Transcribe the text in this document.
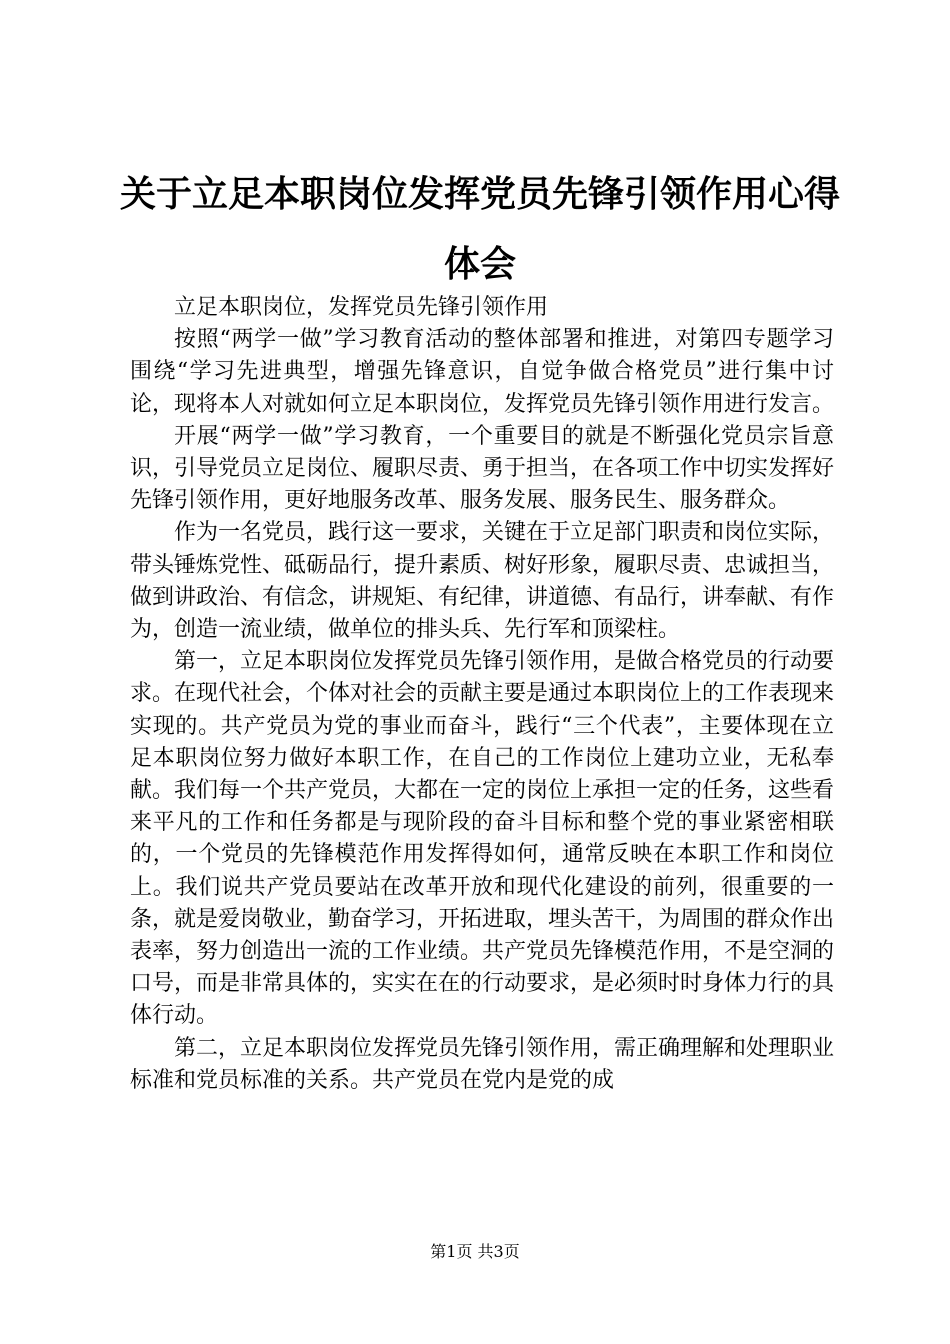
关于立足本职岗位发挥党员先锋引领作用心得体会

立足本职岗位，发挥党员先锋引领作用

按照“两学一做”学习教育活动的整体部署和推进，对第四专题学习围绕“学习先进典型，增强先锋意识，自觉争做合格党员”进行集中讨论，现将本人对就如何立足本职岗位，发挥党员先锋引领作用进行发言。

开展“两学一做”学习教育，一个重要目的就是不断强化党员宗旨意识，引导党员立足岗位、履职尽责、勇于担当，在各项工作中切实发挥好先锋引领作用，更好地服务改革、服务发展、服务民生、服务群众。

作为一名党员，践行这一要求，关键在于立足部门职责和岗位实际，带头锤炼党性、砥砺品行，提升素质、树好形象，履职尽责、忠诚担当，做到讲政治、有信念，讲规矩、有纪律，讲道德、有品行，讲奉献、有作为，创造一流业绩，做单位的排头兵、先行军和顶梁柱。

第一，立足本职岗位发挥党员先锋引领作用，是做合格党员的行动要求。在现代社会，个体对社会的贡献主要是通过本职岗位上的工作表现来实现的。共产党员为党的事业而奋斗，践行“三个代表”，主要体现在立足本职岗位努力做好本职工作，在自己的工作岗位上建功立业，无私奉献。我们每一个共产党员，大都在一定的岗位上承担一定的任务，这些看来平凡的工作和任务都是与现阶段的奋斗目标和整个党的事业紧密相联的，一个党员的先锋模范作用发挥得如何，通常反映在本职工作和岗位上。我们说共产党员要站在改革开放和现代化建设的前列，很重要的一条，就是爱岗敬业，勤奋学习，开拓进取，埋头苦干，为周围的群众作出表率，努力创造出一流的工作业绩。共产党员先锋模范作用，不是空洞的口号，而是非常具体的，实实在在的行动要求，是必须时时身体力行的具体行动。

第二，立足本职岗位发挥党员先锋引领作用，需正确理解和处理职业标准和党员标准的关系。共产党员在党内是党的成

第1页 共3页
